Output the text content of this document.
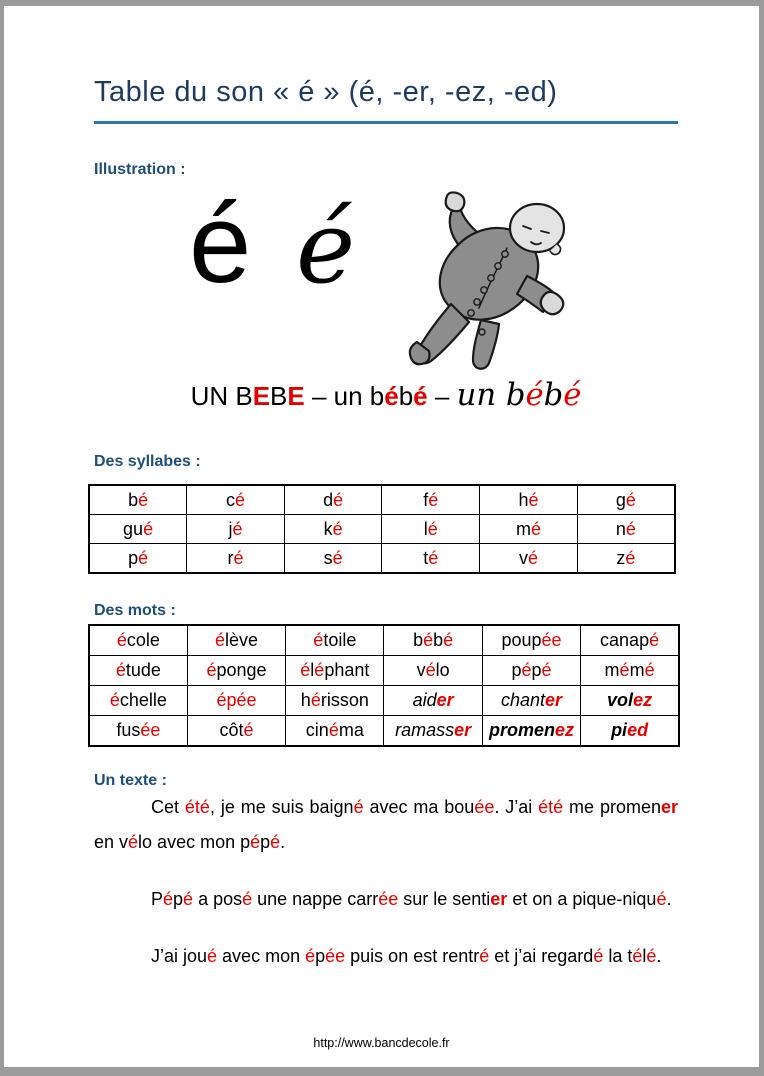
Table du son « é » (é, -er, -ez, -ed)
Illustration :
é é
UN BEBE – un bébé – un bébé
Des syllabes :
bé	cé	dé	fé	hé	gé
gué	jé	ké	lé	mé	né
pé	ré	sé	té	vé	zé
Des mots :
école	élève	étoile	bébé	poupée	canapé
étude	éponge	éléphant	vélo	pépé	mémé
échelle	épée	hérisson	aider	chanter	volez
fusée	côté	cinéma	ramasser	promenez	pied
Un texte :

Cet été, je me suis baigné avec ma bouée. J’ai été me promener en vélo avec mon pépé.

Pépé a posé une nappe carrée sur le sentier et on a pique-niqué.

J’ai joué avec mon épée puis on est rentré et j’ai regardé la télé.

http://www.bancdecole.fr
